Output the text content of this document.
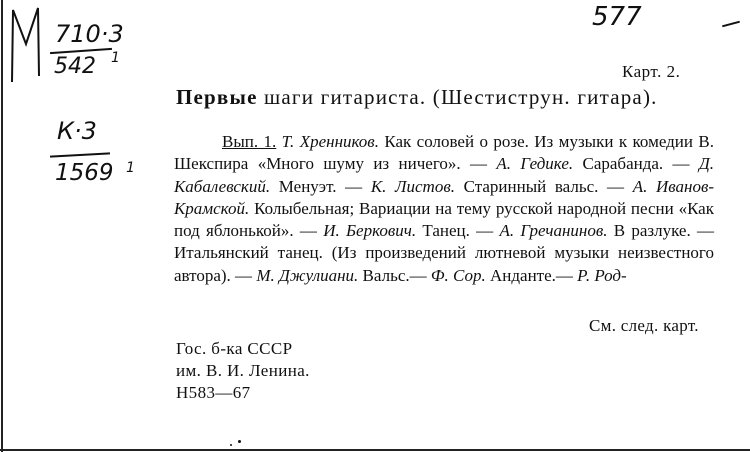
710·3
542 1
К·3
1569 1
577
Карт. 2.
Первые шаги гитариста. (Шестиструн. гитара).
Вып. 1. Т. Хренников. Как соловей о розе. Из музыки к комедии В. Шекспира «Много шуму из ничего». — А. Гедике. Сарабанда. — Д. Кабалевский. Менуэт. — К. Листов. Старинный вальс. — А. Иванов-Крамской. Колыбельная; Вариации на тему русской народной песни «Как под яблонькой». — И. Беркович. Танец. — А. Гречанинов. В разлуке. — Итальянский танец. (Из произведений лютневой музыки неизвестного автора). — М. Джулиани. Вальс.— Ф. Сор. Андантe.— Р. Род-
См. след. карт.
Гос. б-ка СССР
им. В. И. Ленина.
Н583—67
